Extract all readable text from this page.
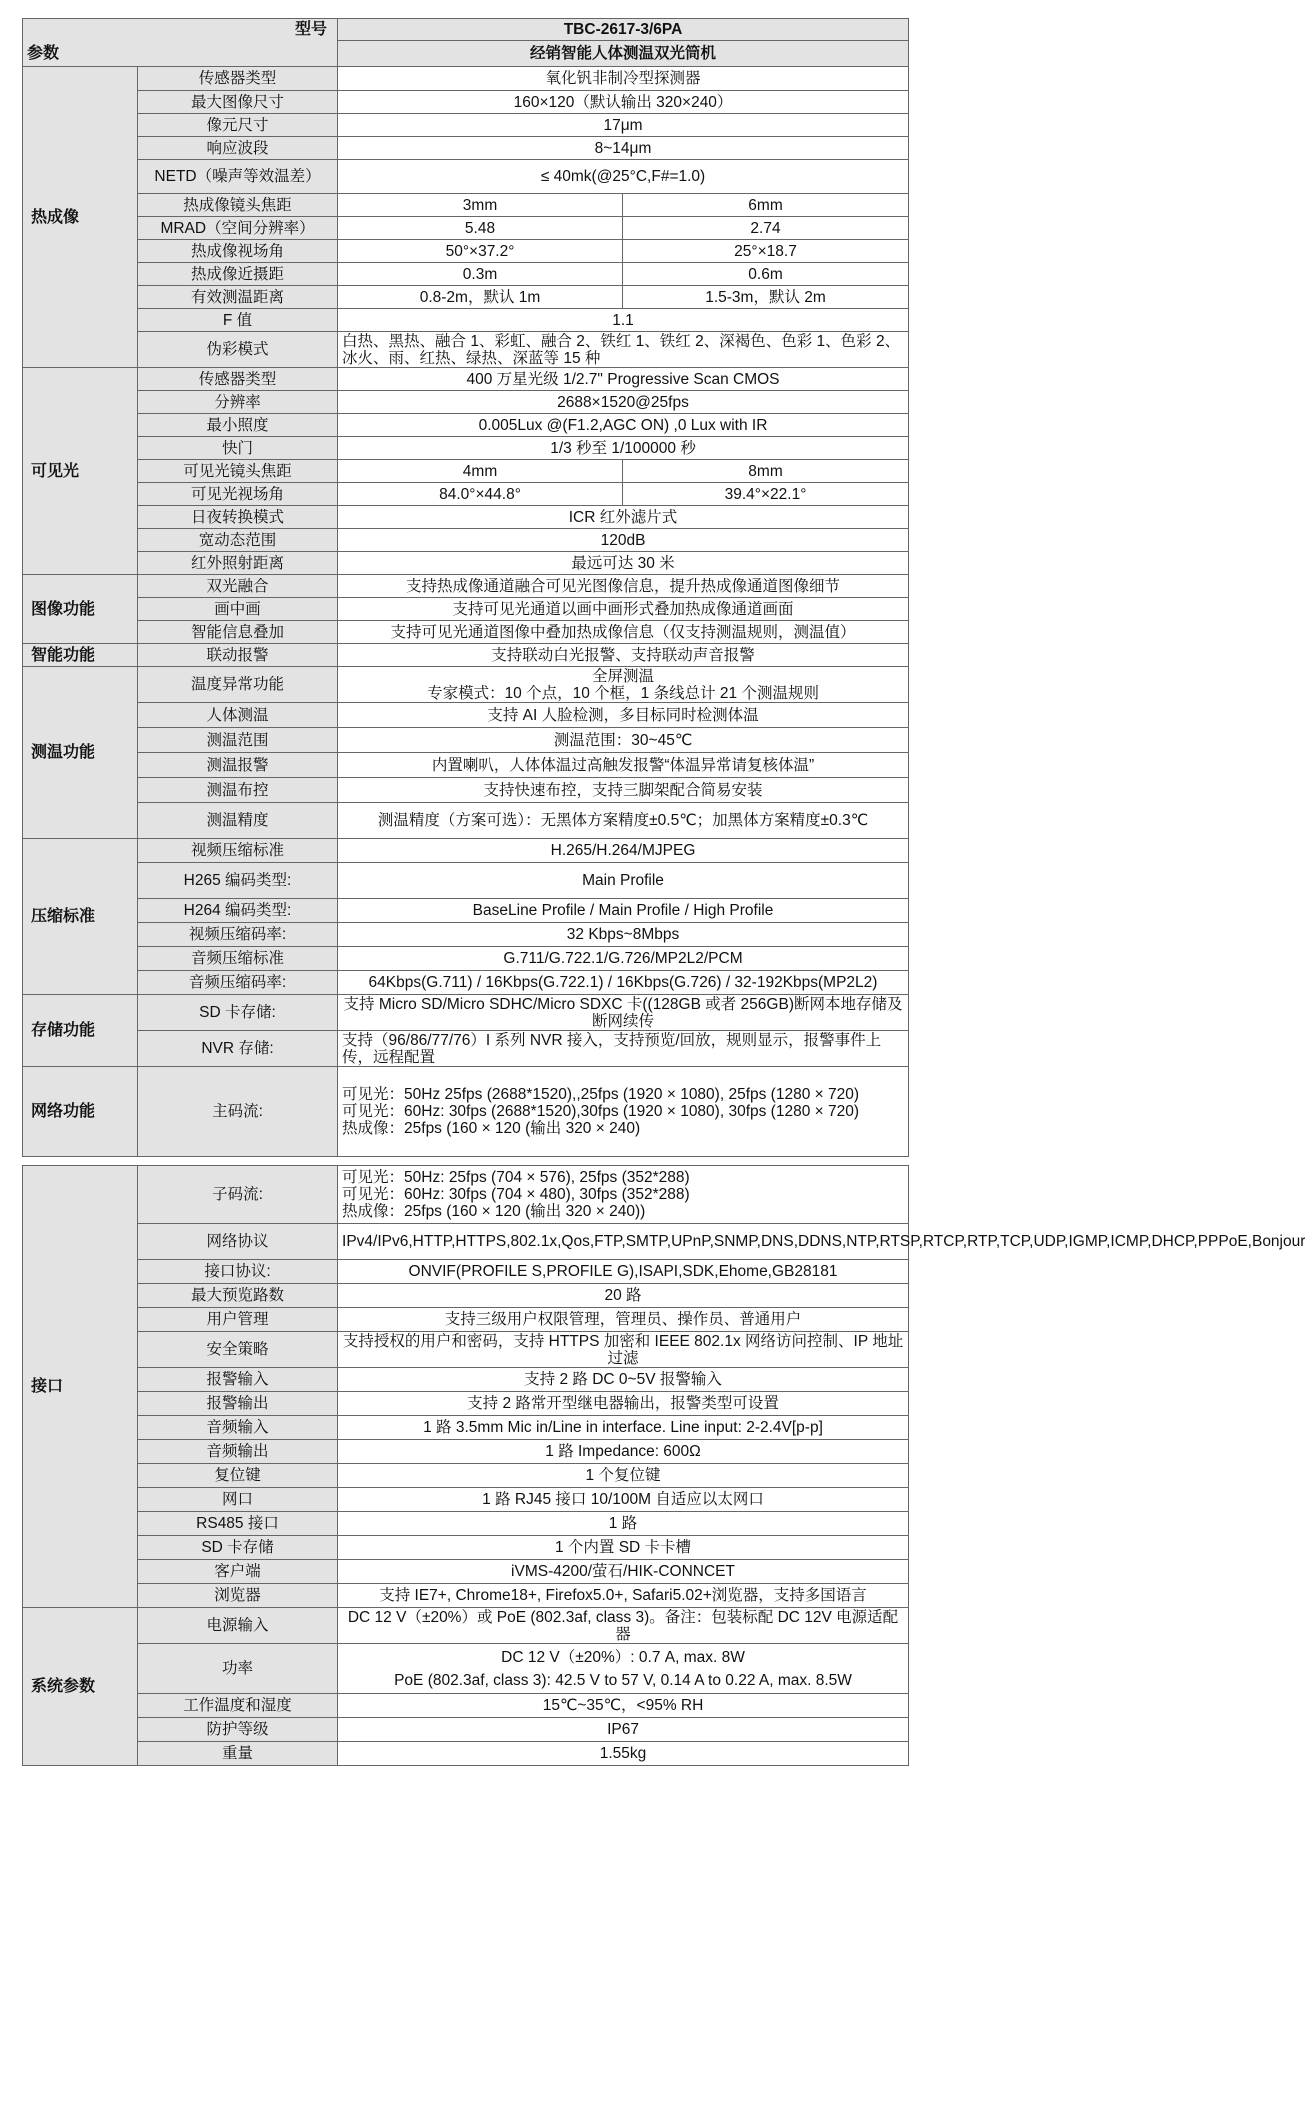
型号		TBC-2617-3/6PA	
参数		经销智能人体测温双光筒机	
热成像	传感器类型	氧化钒非制冷型探测器	
	最大图像尺寸	160×120（默认输出 320×240）	
	像元尺寸	17μm	
	响应波段	8~14μm	
	NETD（噪声等效温差）	≤ 40mk(@25°C,F#=1.0)	
	热成像镜头焦距	3mm	6mm
	MRAD（空间分辨率）	5.48	2.74
	热成像视场角	50°×37.2°	25°×18.7
	热成像近摄距	0.3m	0.6m
	有效测温距离	0.8-2m，默认 1m	1.5-3m，默认 2m
	F 值	1.1	
	伪彩模式	白热、黑热、融合 1、彩虹、融合 2、铁红 1、铁红 2、深褐色、色彩 1、色彩 2、冰火、雨、红热、绿热、深蓝等 15 种	
可见光	传感器类型	400 万星光级 1/2.7" Progressive Scan CMOS	
	分辨率	2688×1520@25fps	
	最小照度	0.005Lux @(F1.2,AGC ON) ,0 Lux with IR	
	快门	1/3 秒至 1/100000 秒	
	可见光镜头焦距	4mm	8mm
	可见光视场角	84.0°×44.8°	39.4°×22.1°
	日夜转换模式	ICR 红外滤片式	
	宽动态范围	120dB	
	红外照射距离	最远可达 30 米	
图像功能	双光融合	支持热成像通道融合可见光图像信息，提升热成像通道图像细节	
	画中画	支持可见光通道以画中画形式叠加热成像通道画面	
	智能信息叠加	支持可见光通道图像中叠加热成像信息（仅支持测温规则，测温值）	
智能功能	联动报警	支持联动白光报警、支持联动声音报警	
测温功能	温度异常功能	全屏测温
专家模式：10 个点，10 个框，1 条线总计 21 个测温规则	

	人体测温	支持 AI 人脸检测，多目标同时检测体温	
	测温范围	测温范围：30~45℃	
	测温报警	内置喇叭，人体体温过高触发报警“体温异常请复核体温”	
	测温布控	支持快速布控，支持三脚架配合简易安装	
	测温精度	测温精度（方案可选）：无黑体方案精度±0.5℃；加黑体方案精度±0.3℃	
压缩标准	视频压缩标准	H.265/H.264/MJPEG	
	H265 编码类型:	Main Profile	
	H264 编码类型:	BaseLine Profile / Main Profile / High Profile	
	视频压缩码率:	32 Kbps~8Mbps	
	音频压缩标准	G.711/G.722.1/G.726/MP2L2/PCM	
	音频压缩码率:	64Kbps(G.711) / 16Kbps(G.722.1) / 16Kbps(G.726) / 32-192Kbps(MP2L2)	
存储功能	SD 卡存储:	支持 Micro SD/Micro SDHC/Micro SDXC 卡((128GB 或者 256GB)断网本地存储及断网续传	
	NVR 存储:	支持（96/86/77/76）I 系列 NVR 接入，支持预览/回放，规则显示，报警事件上传，远程配置	
网络功能	主码流:	可见光：50Hz 25fps (2688*1520),,25fps (1920 × 1080), 25fps (1280 × 720)
可见光：60Hz: 30fps (2688*1520),30fps (1920 × 1080), 30fps (1280 × 720)
热成像：25fps (160 × 120 (输出 320 × 240)	

接口	子码流:	可见光：50Hz: 25fps (704 × 576), 25fps (352*288)
可见光：60Hz: 30fps (704 × 480), 30fps (352*288)
热成像：25fps (160 × 120 (输出 320 × 240))	

	网络协议	IPv4/IPv6,HTTP,HTTPS,802.1x,Qos,FTP,SMTP,UPnP,SNMP,DNS,DDNS,NTP,RTSP,RTCP,RTP,TCP,UDP,IGMP,ICMP,DHCP,PPPoE,Bonjour	
	接口协议:	ONVIF(PROFILE S,PROFILE G),ISAPI,SDK,Ehome,GB28181	
	最大预览路数	20 路	
	用户管理	支持三级用户权限管理，管理员、操作员、普通用户	
	安全策略	支持授权的用户和密码，支持 HTTPS 加密和 IEEE 802.1x 网络访问控制、IP 地址过滤	
	报警输入	支持 2 路 DC 0~5V 报警输入	
	报警输出	支持 2 路常开型继电器输出，报警类型可设置	
	音频输入	1 路 3.5mm Mic in/Line in interface. Line input: 2-2.4V[p-p]	
	音频输出	1 路 Impedance: 600Ω	
	复位键	1 个复位键	
	网口	1 路 RJ45 接口 10/100M 自适应以太网口	
	RS485 接口	1 路	
	SD 卡存储	1 个内置 SD 卡卡槽	
	客户端	iVMS-4200/萤石/HIK-CONNCET	
	浏览器	支持 IE7+, Chrome18+, Firefox5.0+, Safari5.02+浏览器，支持多国语言	
系统参数	电源输入	DC 12 V（±20%）或 PoE (802.3af, class 3)。备注：包装标配 DC 12V 电源适配器	
	功率	DC 12 V（±20%）: 0.7 A, max. 8W
PoE (802.3af, class 3): 42.5 V to 57 V, 0.14 A to 0.22 A, max. 8.5W	

	工作温度和湿度	15℃~35℃，<95% RH	
	防护等级	IP67	
	重量	1.55kg	
